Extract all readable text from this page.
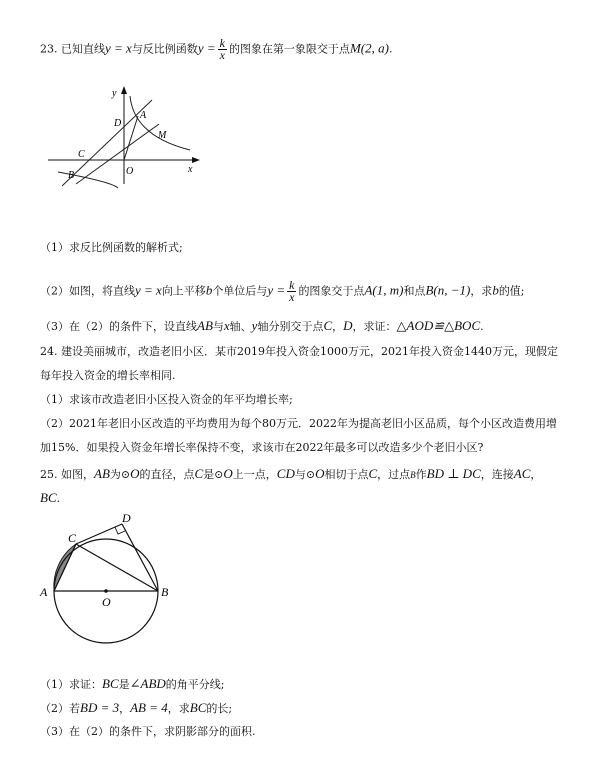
23. 已知直线y = x与反比例函数$y = \frac{k}{x}$ 的图象在第一象限交于点M(2, a).
y
x
O
A
D
M
C
B
（1）求反比例函数的解析式;
（2）如图，将直线y = x向上平移b个单位后与$y = \frac{k}{x}$ 的图象交于点A(1, m)和点B(n, −1)，求b的值;
（3）在（2）的条件下，设直线AB与x轴、y轴分别交于点C，D，求证：△AOD≌△BOC.
24. 建设美丽城市，改造老旧小区．某市2019年投入资金1000万元，2021年投入资金1440万元，现假定
每年投入资金的增长率相同.
（1）求该市改造老旧小区投入资金的年平均增长率;
（2）2021年老旧小区改造的平均费用为每个80万元．2022年为提高老旧小区品质，每个小区改造费用增
加15%．如果投入资金年增长率保持不变，求该市在2022年最多可以改造多少个老旧小区?
25. 如图，AB为⊙O的直径，点C是⊙O上一点，CD与⊙O相切于点C，过点B作BD ⊥ DC，连接AC，
BC.
A	B
C
D
O
（1）求证：BC是∠ABD的角平分线;
（2）若BD = 3，AB = 4，求BC的长;
（3）在（2）的条件下，求阴影部分的面积.
